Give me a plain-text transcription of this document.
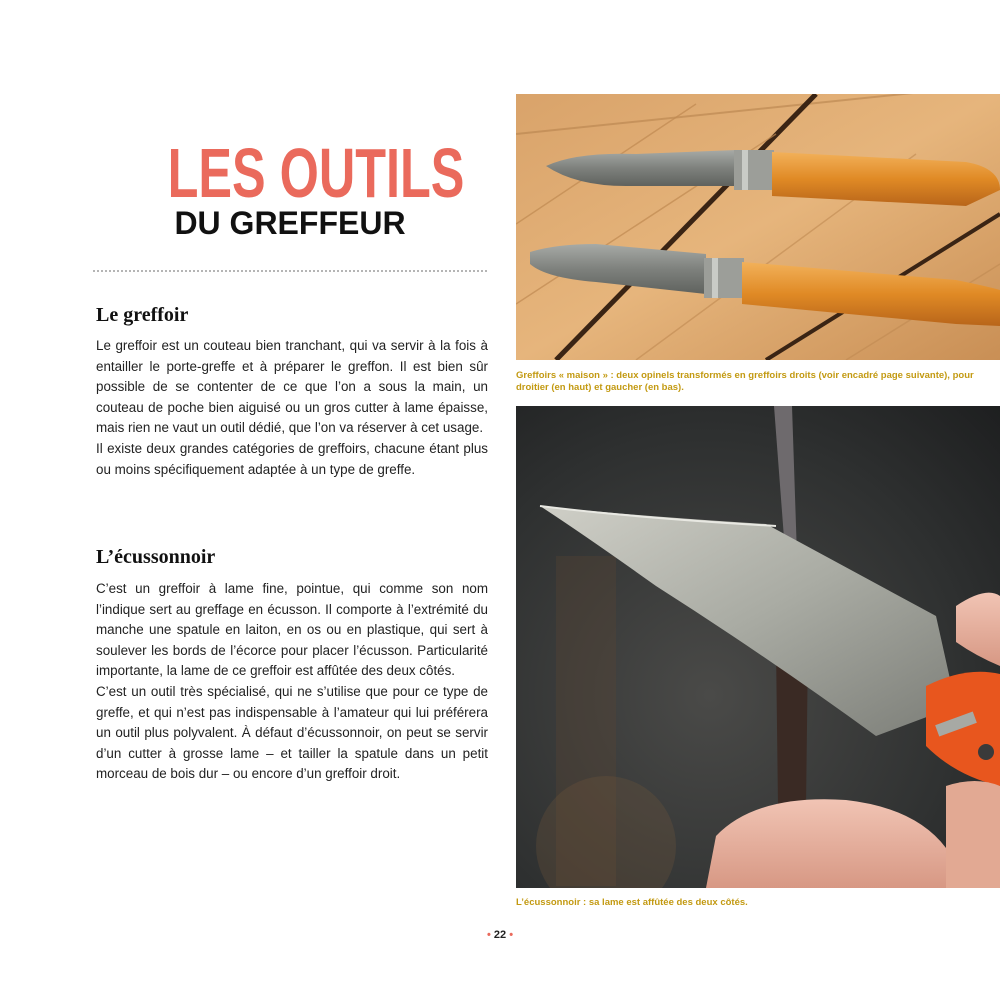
LES OUTILS
DU GREFFEUR
Le greffoir

Le greffoir est un couteau bien tranchant, qui va servir à la fois à entailler le porte-greffe et à préparer le greffon. Il est bien sûr possible de se contenter de ce que l’on a sous la main, un couteau de poche bien aiguisé ou un gros cutter à lame épaisse, mais rien ne vaut un outil dédié, que l’on va réserver à cet usage.

Il existe deux grandes catégories de greffoirs, chacune étant plus ou moins spécifiquement adaptée à un type de greffe.

L’écussonnoir

C’est un greffoir à lame fine, pointue, qui comme son nom l’indique sert au greffage en écusson. Il comporte à l’extrémité du manche une spatule en laiton, en os ou en plastique, qui sert à soulever les bords de l’écorce pour placer l’écusson. Particularité importante, la lame de ce greffoir est affûtée des deux côtés.

C’est un outil très spécialisé, qui ne s’utilise que pour ce type de greffe, et qui n’est pas indispensable à l’amateur qui lui préférera un outil plus polyvalent. À défaut d’écussonnoir, on peut se servir d’un cutter à grosse lame – et tailler la spatule dans un petit morceau de bois dur – ou encore d’un greffoir droit.

Greffoirs « maison » : deux opinels transformés en greffoirs droits (voir encadré page suivante), pour droitier (en haut) et gaucher (en bas).
L’écussonnoir : sa lame est affûtée des deux côtés.
• 22 •
